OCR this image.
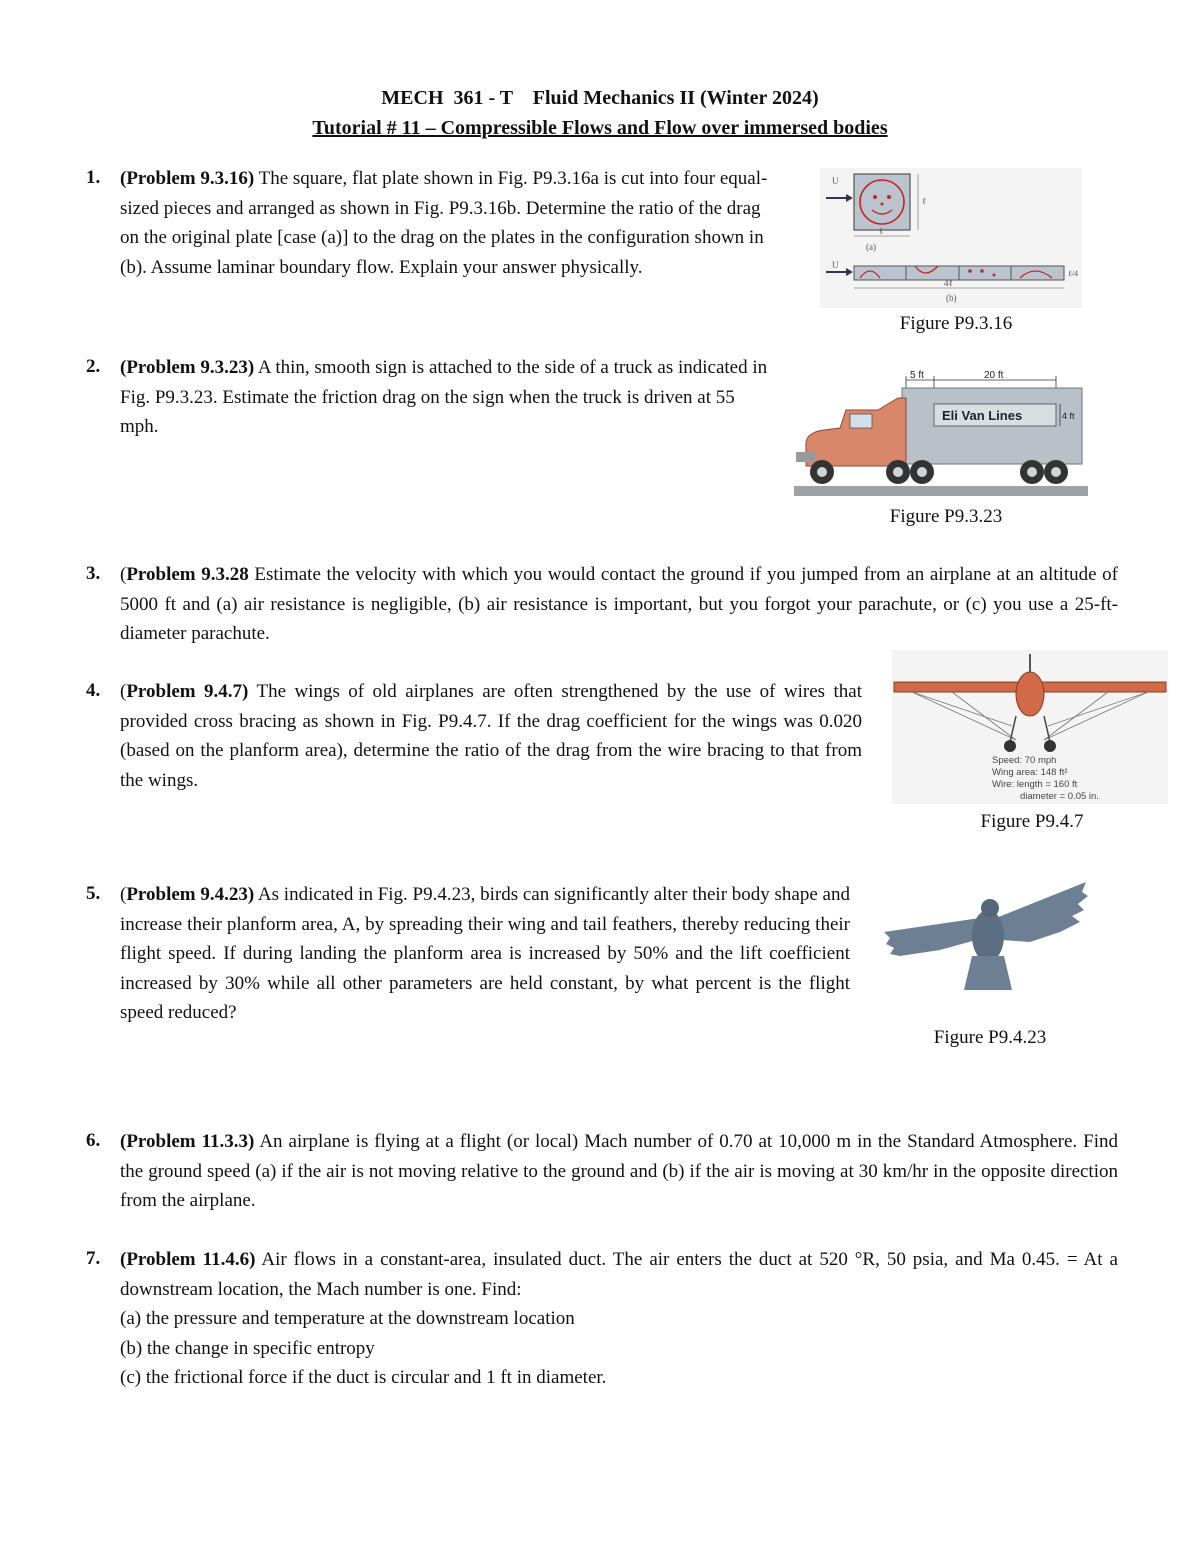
MECH  361 - T    Fluid Mechanics II (Winter 2024)
Tutorial # 11 – Compressible Flows and Flow over immersed bodies
1. (Problem 9.3.16) The square, flat plate shown in Fig. P9.3.16a is cut into four equal-sized pieces and arranged as shown in Fig. P9.3.16b. Determine the ratio of the drag on the original plate [case (a)] to the drag on the plates in the configuration shown in (b). Assume laminar boundary flow. Explain your answer physically.
U
ℓ
ℓ
(a)
U
4ℓ
ℓ/4
(b)
Figure P9.3.16
2. (Problem 9.3.23) A thin, smooth sign is attached to the side of a truck as indicated in Fig. P9.3.23. Estimate the friction drag on the sign when the truck is driven at 55 mph.
5 ft	20 ft
Eli Van Lines	4 ft
Figure P9.3.23
3. (Problem 9.3.28 Estimate the velocity with which you would contact the ground if you jumped from an airplane at an altitude of 5000 ft and (a) air resistance is negligible, (b) air resistance is important, but you forgot your parachute, or (c) you use a 25-ft-diameter parachute.
4. (Problem 9.4.7) The wings of old airplanes are often strengthened by the use of wires that provided cross bracing as shown in Fig. P9.4.7. If the drag coefficient for the wings was 0.020 (based on the planform area), determine the ratio of the drag from the wire bracing to that from the wings.
Speed: 70 mph
Wing area: 148 ft²
Wire: length = 160 ft
diameter = 0.05 in.
Figure P9.4.7
5. (Problem 9.4.23) As indicated in Fig. P9.4.23, birds can significantly alter their body shape and increase their planform area, A, by spreading their wing and tail feathers, thereby reducing their flight speed. If during landing the planform area is increased by 50% and the lift coefficient increased by 30% while all other parameters are held constant, by what percent is the flight speed reduced?
Figure P9.4.23
6. (Problem 11.3.3) An airplane is flying at a flight (or local) Mach number of 0.70 at 10,000 m in the Standard Atmosphere. Find the ground speed (a) if the air is not moving relative to the ground and (b) if the air is moving at 30 km/hr in the opposite direction from the airplane.
7. (Problem 11.4.6) Air flows in a constant-area, insulated duct. The air enters the duct at 520 °R, 50 psia, and Ma 0.45. = At a downstream location, the Mach number is one. Find:
(a) the pressure and temperature at the downstream location
(b) the change in specific entropy
(c) the frictional force if the duct is circular and 1 ft in diameter.
